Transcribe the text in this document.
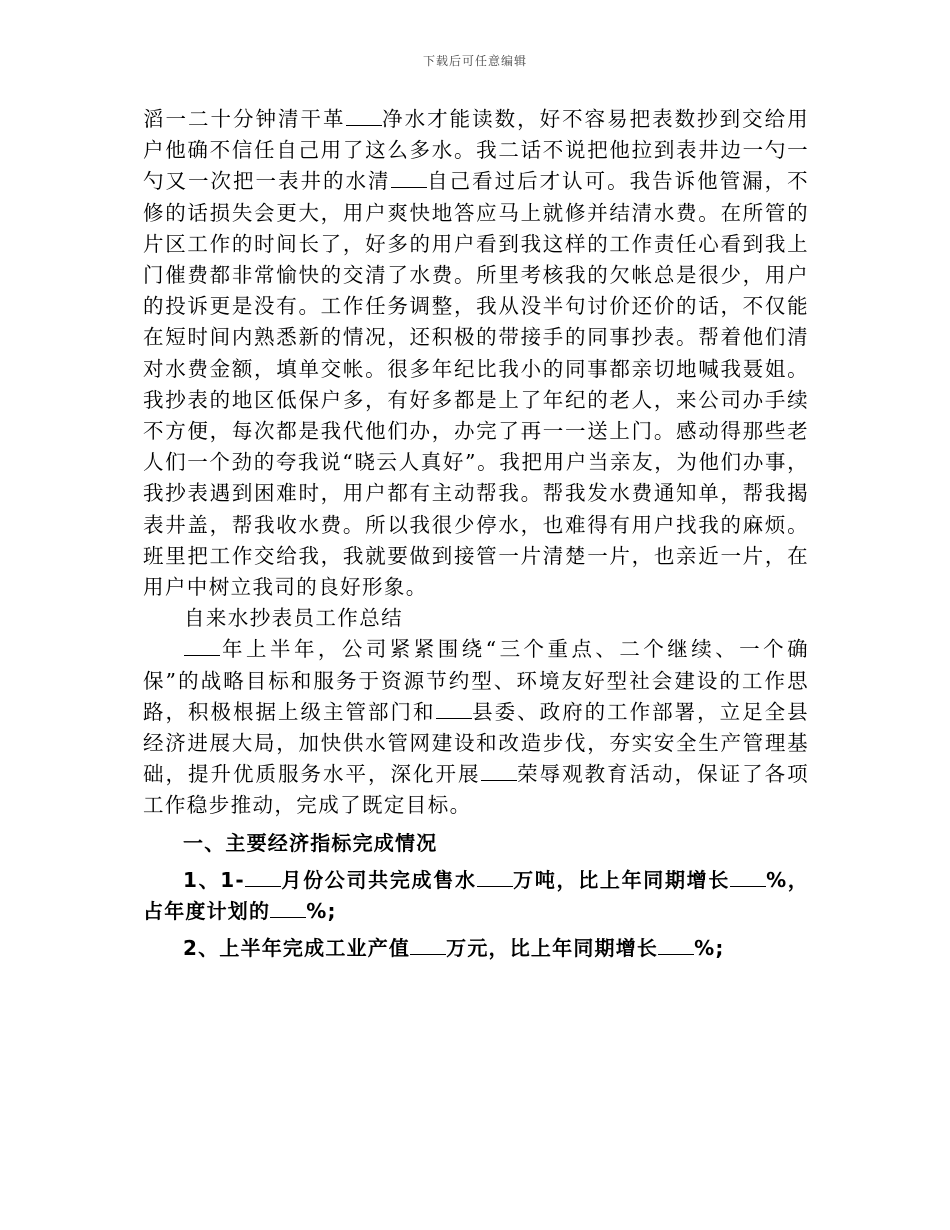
下载后可任意编辑

滔一二十分钟清干革 净水才能读数，好不容易把表数抄到交给用户他确不信任自己用了这么多水。我二话不说把他拉到表井边一勺一勺又一次把一表井的水清 自己看过后才认可。我告诉他管漏，不修的话损失会更大，用户爽快地答应马上就修并结清水费。在所管的片区工作的时间长了，好多的用户看到我这样的工作责任心看到我上门催费都非常愉快的交清了水费。所里考核我的欠帐总是很少，用户的投诉更是没有。工作任务调整，我从没半句讨价还价的话，不仅能在短时间内熟悉新的情况，还积极的带接手的同事抄表。帮着他们清对水费金额，填单交帐。很多年纪比我小的同事都亲切地喊我聂姐。我抄表的地区低保户多，有好多都是上了年纪的老人，来公司办手续不方便，每次都是我代他们办，办完了再一一送上门。感动得那些老人们一个劲的夸我说“晓云人真好”。我把用户当亲友，为他们办事，我抄表遇到困难时，用户都有主动帮我。帮我发水费通知单，帮我揭表井盖，帮我收水费。所以我很少停水，也难得有用户找我的麻烦。班里把工作交给我，我就要做到接管一片清楚一片，也亲近一片，在用户中树立我司的良好形象。

自来水抄表员工作总结

年上半年，公司紧紧围绕“三个重点、二个继续、一个确保”的战略目标和服务于资源节约型、环境友好型社会建设的工作思路，积极根据上级主管部门和 县委、政府的工作部署，立足全县经济进展大局，加快供水管网建设和改造步伐，夯实安全生产管理基础，提升优质服务水平，深化开展 荣辱观教育活动，保证了各项工作稳步推动，完成了既定目标。

一、主要经济指标完成情况

1、1- 月份公司共完成售水 万吨，比上年同期增长 %，占年度计划的 %;

2、上半年完成工业产值 万元，比上年同期增长 %;
